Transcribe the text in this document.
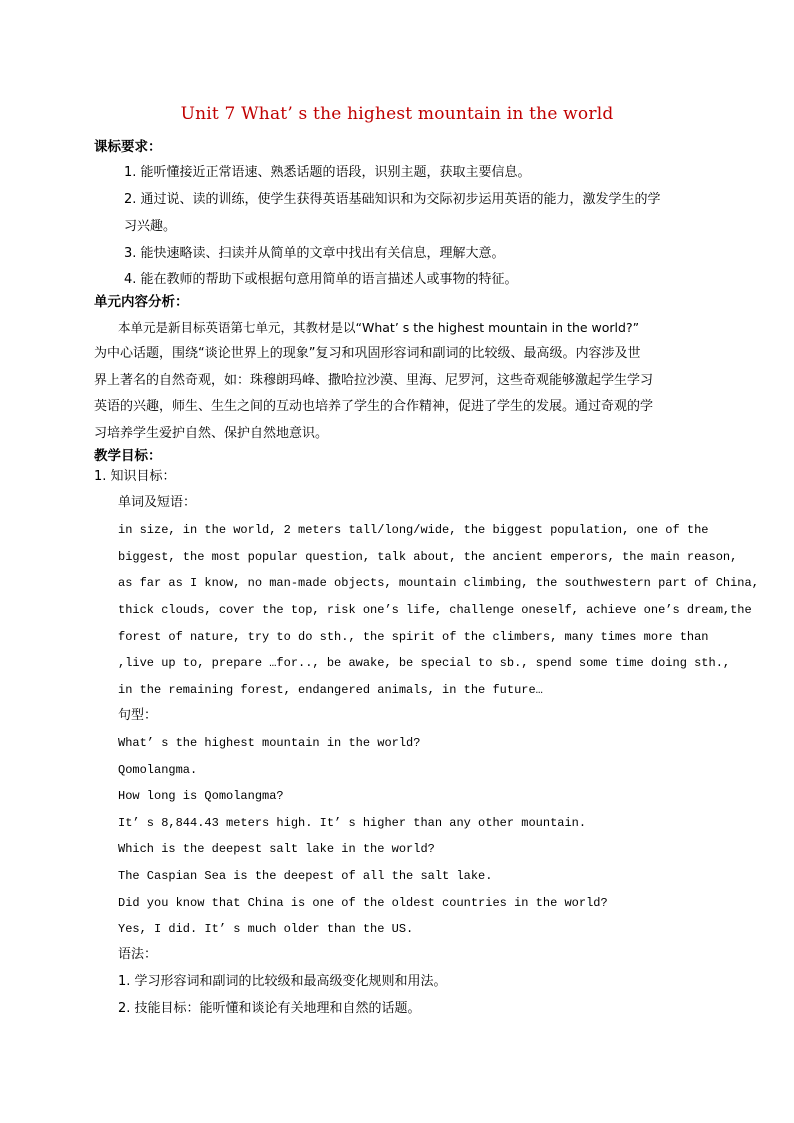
Unit 7 What’ s the highest mountain in the world
课标要求：
1. 能听懂接近正常语速、熟悉话题的语段，识别主题，获取主要信息。
2. 通过说、读的训练，使学生获得英语基础知识和为交际初步运用英语的能力，激发学生的学
习兴趣。
3. 能快速略读、扫读并从简单的文章中找出有关信息，理解大意。
4. 能在教师的帮助下或根据句意用简单的语言描述人或事物的特征。
单元内容分析：
本单元是新目标英语第七单元，其教材是以“What’ s the highest mountain in the world?”
为中心话题，围绕“谈论世界上的现象”复习和巩固形容词和副词的比较级、最高级。内容涉及世
界上著名的自然奇观，如：珠穆朗玛峰、撒哈拉沙漠、里海、尼罗河，这些奇观能够激起学生学习
英语的兴趣，师生、生生之间的互动也培养了学生的合作精神，促进了学生的发展。通过奇观的学
习培养学生爱护自然、保护自然地意识。
教学目标：
1. 知识目标：
单词及短语：
in size, in the world, 2 meters tall/long/wide, the biggest population, one of the
biggest, the most popular question, talk about, the ancient emperors, the main reason,
as far as I know, no man-made objects, mountain climbing, the southwestern part of China,
thick clouds, cover the top, risk one’s life, challenge oneself, achieve one’s dream,the
forest of nature, try to do sth., the spirit of the climbers, many times more than
,live up to, prepare …for.., be awake, be special to sb., spend some time doing sth.,
in the remaining forest, endangered animals, in the future…
句型：
What’ s the highest mountain in the world?
Qomolangma.
How long is Qomolangma?
It’ s 8,844.43 meters high. It’ s higher than any other mountain.
Which is the deepest salt lake in the world?
The Caspian Sea is the deepest of all the salt lake.
Did you know that China is one of the oldest countries in the world?
Yes, I did. It’ s much older than the US.
语法：
1. 学习形容词和副词的比较级和最高级变化规则和用法。
2. 技能目标：能听懂和谈论有关地理和自然的话题。
